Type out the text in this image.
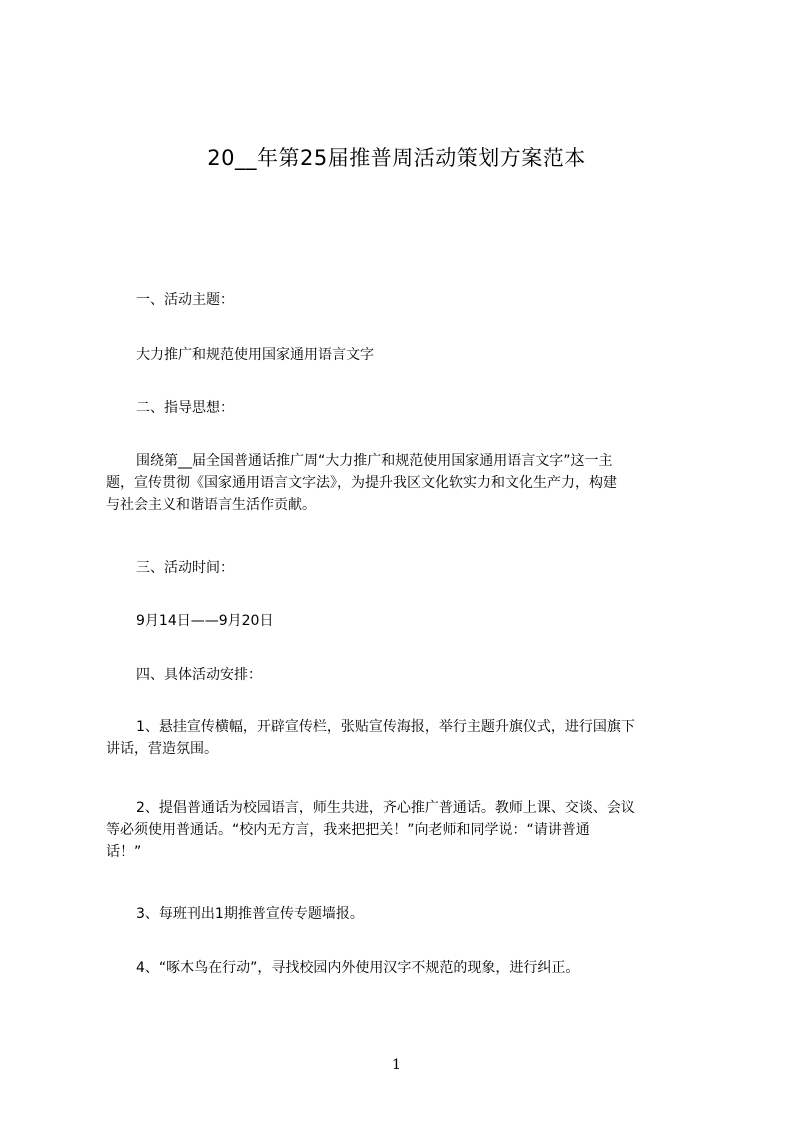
20__年第25届推普周活动策划方案范本
一、活动主题：
大力推广和规范使用国家通用语言文字
二、指导思想：
　围绕第__届全国普通话推广周“大力推广和规范使用国家通用语言文字”这一主
题，宣传贯彻《国家通用语言文字法》，为提升我区文化软实力和文化生产力，构建
与社会主义和谐语言生活作贡献。
三、活动时间：
9月14日——9月20日
四、具体活动安排：
　1、悬挂宣传横幅，开辟宣传栏，张贴宣传海报，举行主题升旗仪式，进行国旗下
讲话，营造氛围。
　2、提倡普通话为校园语言，师生共进，齐心推广普通话。教师上课、交谈、会议
等必须使用普通话。“校内无方言，我来把把关！”向老师和同学说：“请讲普通
话！”
3、每班刊出1期推普宣传专题墙报。
4、“啄木鸟在行动”，寻找校园内外使用汉字不规范的现象，进行纠正。
1
